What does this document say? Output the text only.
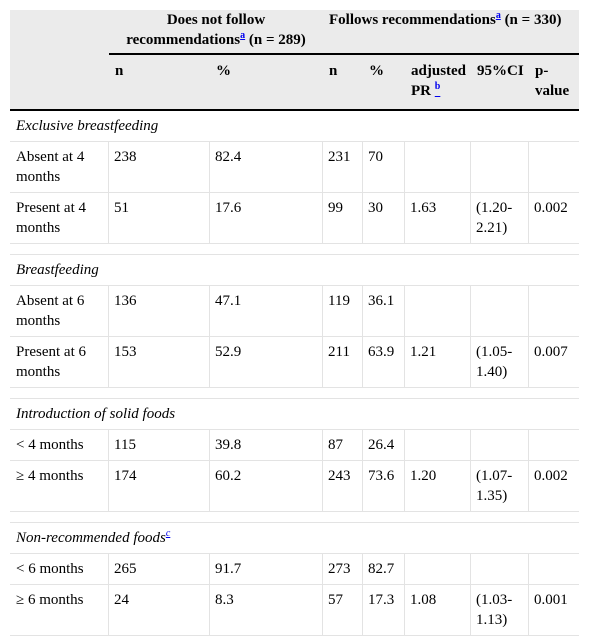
	Does not follow recommendations$^a$ (n = 289)		Follows recommendations$^a$ (n = 330)				
	n	%	n	%	adjusted PR $^b$	95%CI	p-value
Exclusive breastfeeding							
Absent at 4 months	238	82.4	231	70			
Present at 4 months	51	17.6	99	30	1.63	(1.20-2.21)	0.002

Breastfeeding							
Absent at 6 months	136	47.1	119	36.1			
Present at 6 months	153	52.9	211	63.9	1.21	(1.05-1.40)	0.007

Introduction of solid foods							
< 4 months	115	39.8	87	26.4			
≥ 4 months	174	60.2	243	73.6	1.20	(1.07-1.35)	0.002

Non-recommended foods$^c$
< 6 months	265	91.7	273	82.7			
≥ 6 months	24	8.3	57	17.3	1.08	(1.03-1.13)	0.001
